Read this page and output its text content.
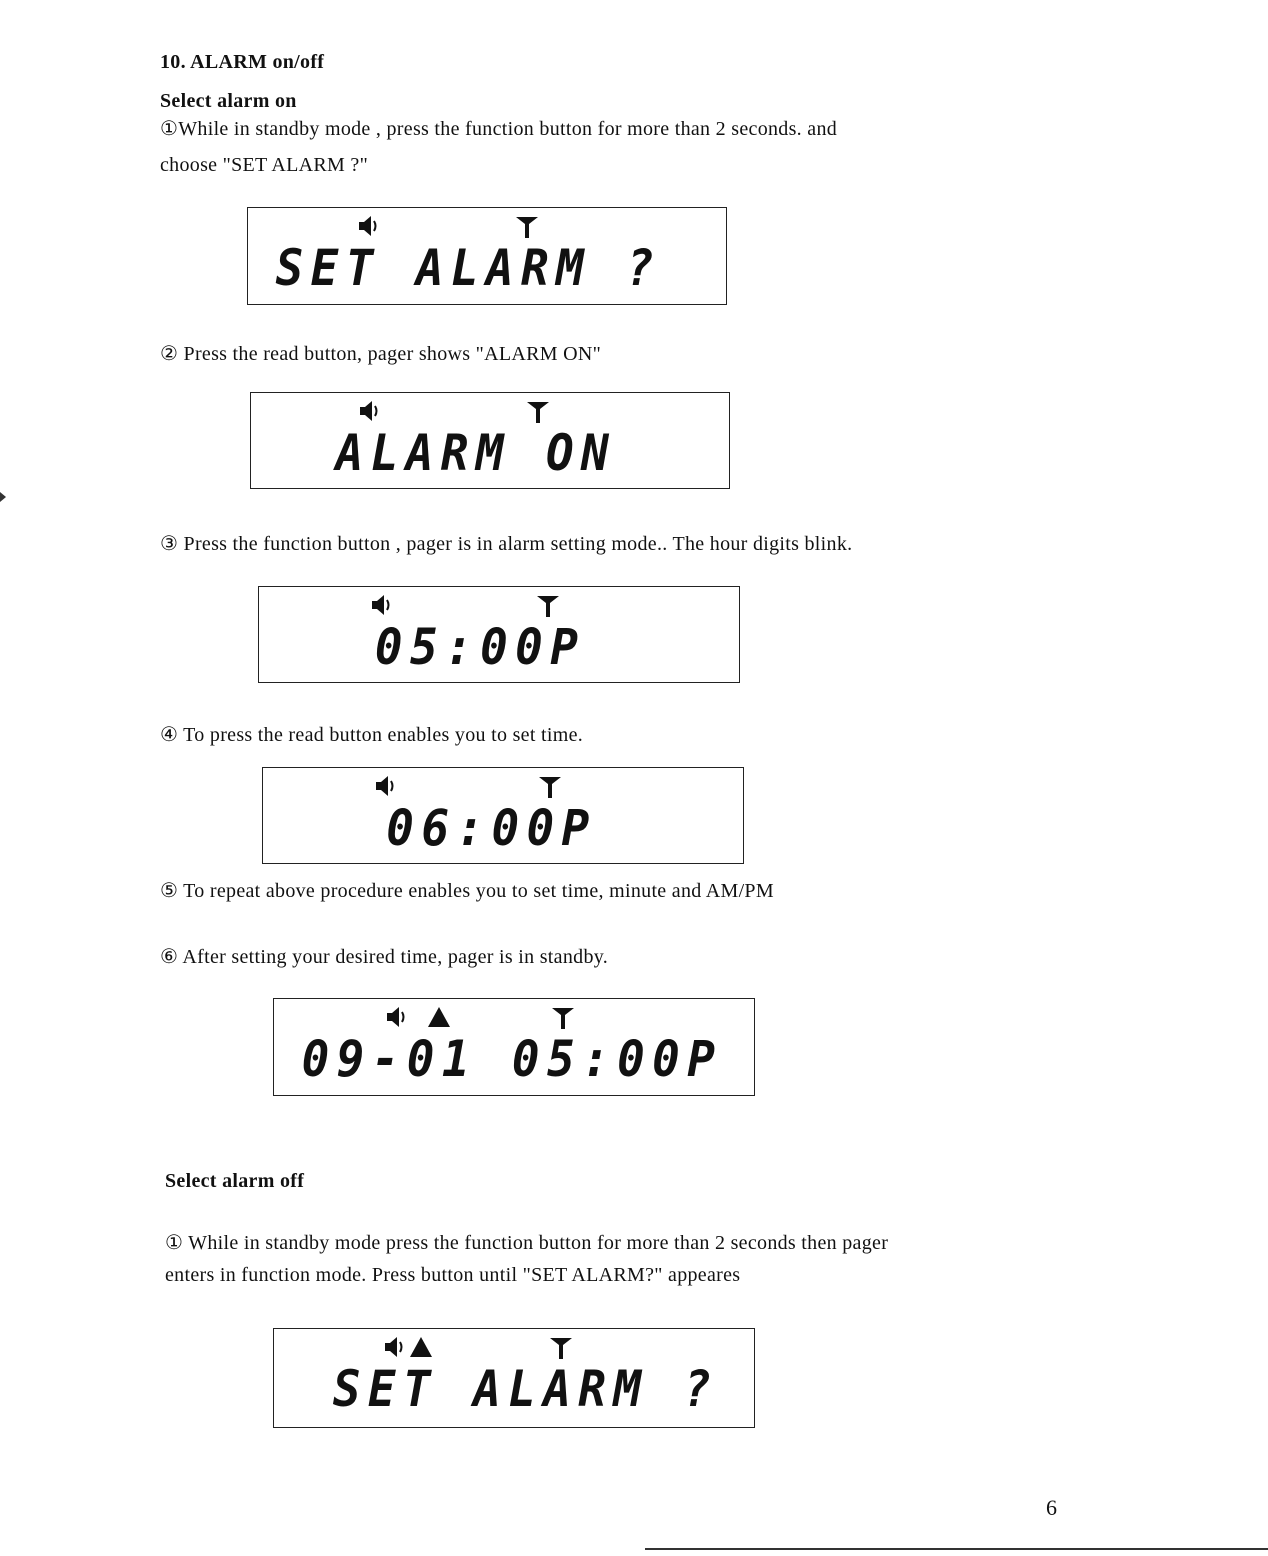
10. ALARM on/off
Select alarm on
①While in standby mode , press the function button for more than 2 seconds. and
choose "SET ALARM ?"
SET ALARM ?
② Press the read button, pager shows "ALARM ON"
ALARM ON
③ Press the function button , pager is in alarm setting mode.. The hour digits blink.
05:00P
④ To press the read button enables you to set time.
06:00P
⑤ To repeat above procedure enables you to set time, minute and AM/PM
⑥ After setting your desired time, pager is in standby.
09-01 05:00P
Select alarm off
① While in standby mode press the function button for more than 2 seconds then pager
enters in function mode. Press button until "SET ALARM?" appeares
SET ALARM ?
6
